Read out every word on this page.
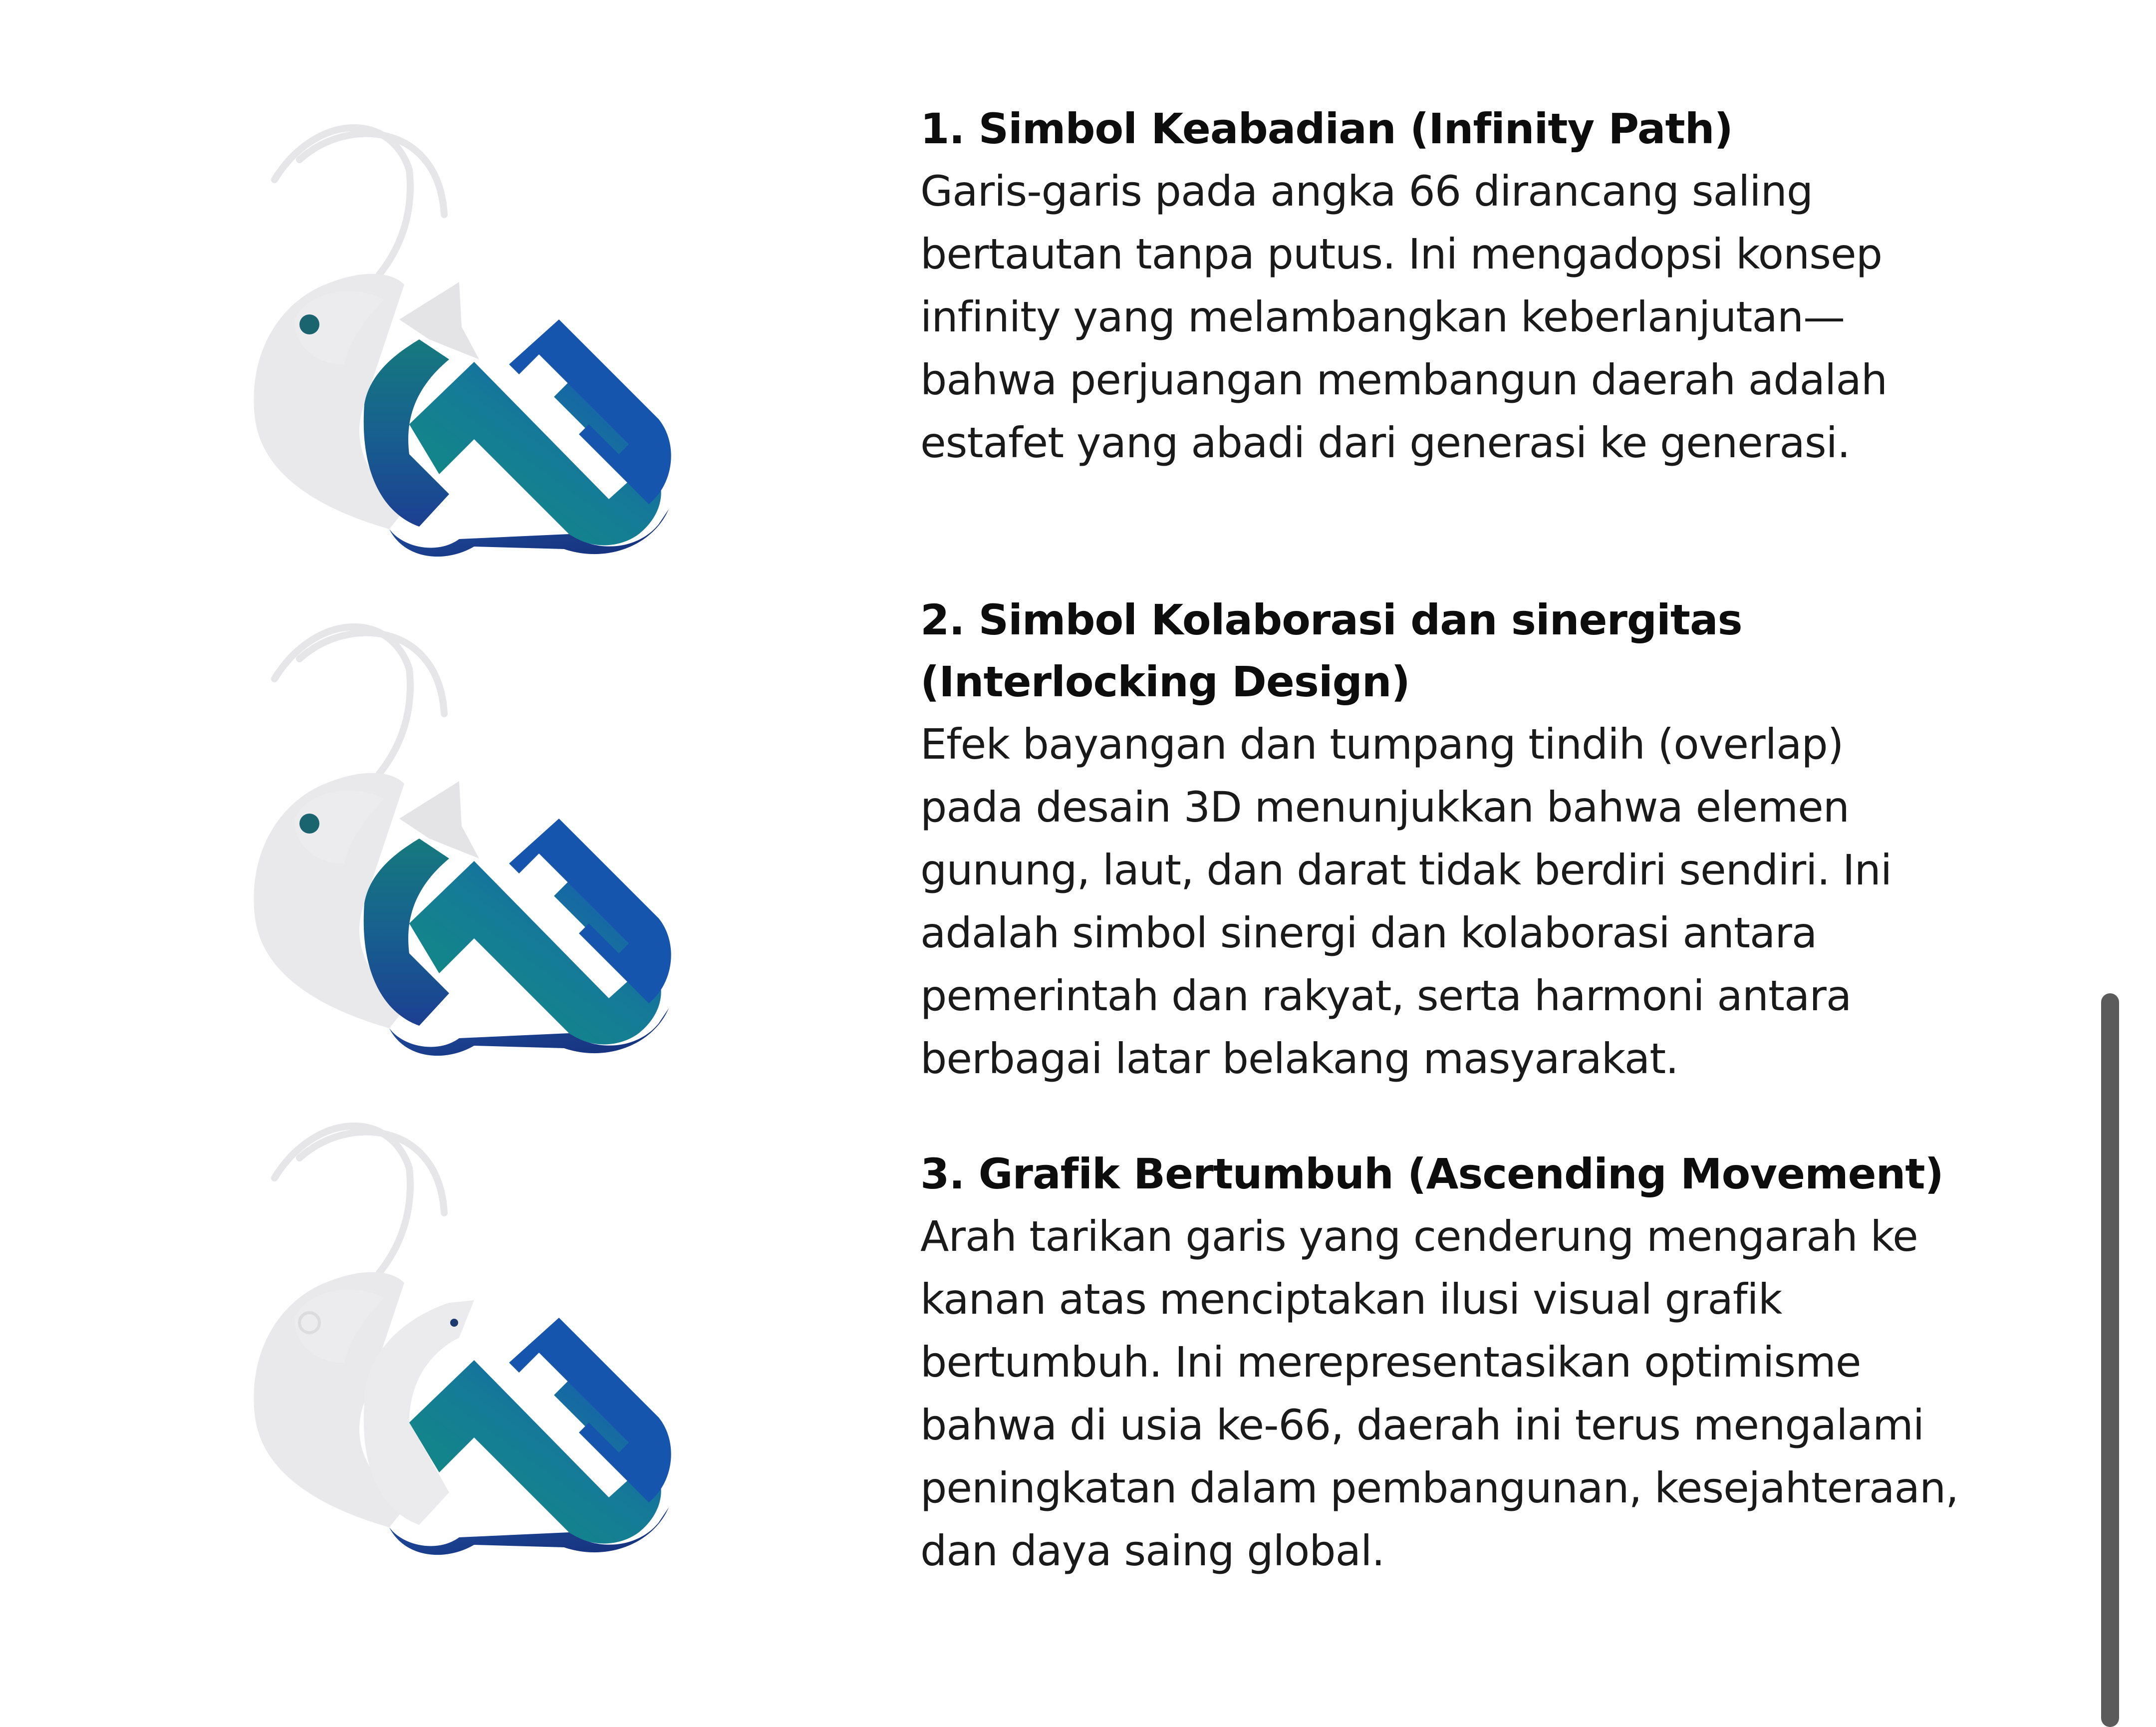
1. Simbol Keabadian (Infinity Path)

Garis-garis pada angka 66 dirancang saling bertautan tanpa putus. Ini mengadopsi konsep infinity yang melambangkan keberlanjutan—bahwa perjuangan membangun daerah adalah estafet yang abadi dari generasi ke generasi.

2. Simbol Kolaborasi dan sinergitas

(Interlocking Design)

Efek bayangan dan tumpang tindih (overlap) pada desain 3D menunjukkan bahwa elemen gunung, laut, dan darat tidak berdiri sendiri. Ini adalah simbol sinergi dan kolaborasi antara pemerintah dan rakyat, serta harmoni antara berbagai latar belakang masyarakat.

3. Grafik Bertumbuh (Ascending Movement)

Arah tarikan garis yang cenderung mengarah ke kanan atas menciptakan ilusi visual grafik bertumbuh. Ini merepresentasikan optimisme bahwa di usia ke-66, daerah ini terus mengalami peningkatan dalam pembangunan, kesejahteraan, dan daya saing global.
